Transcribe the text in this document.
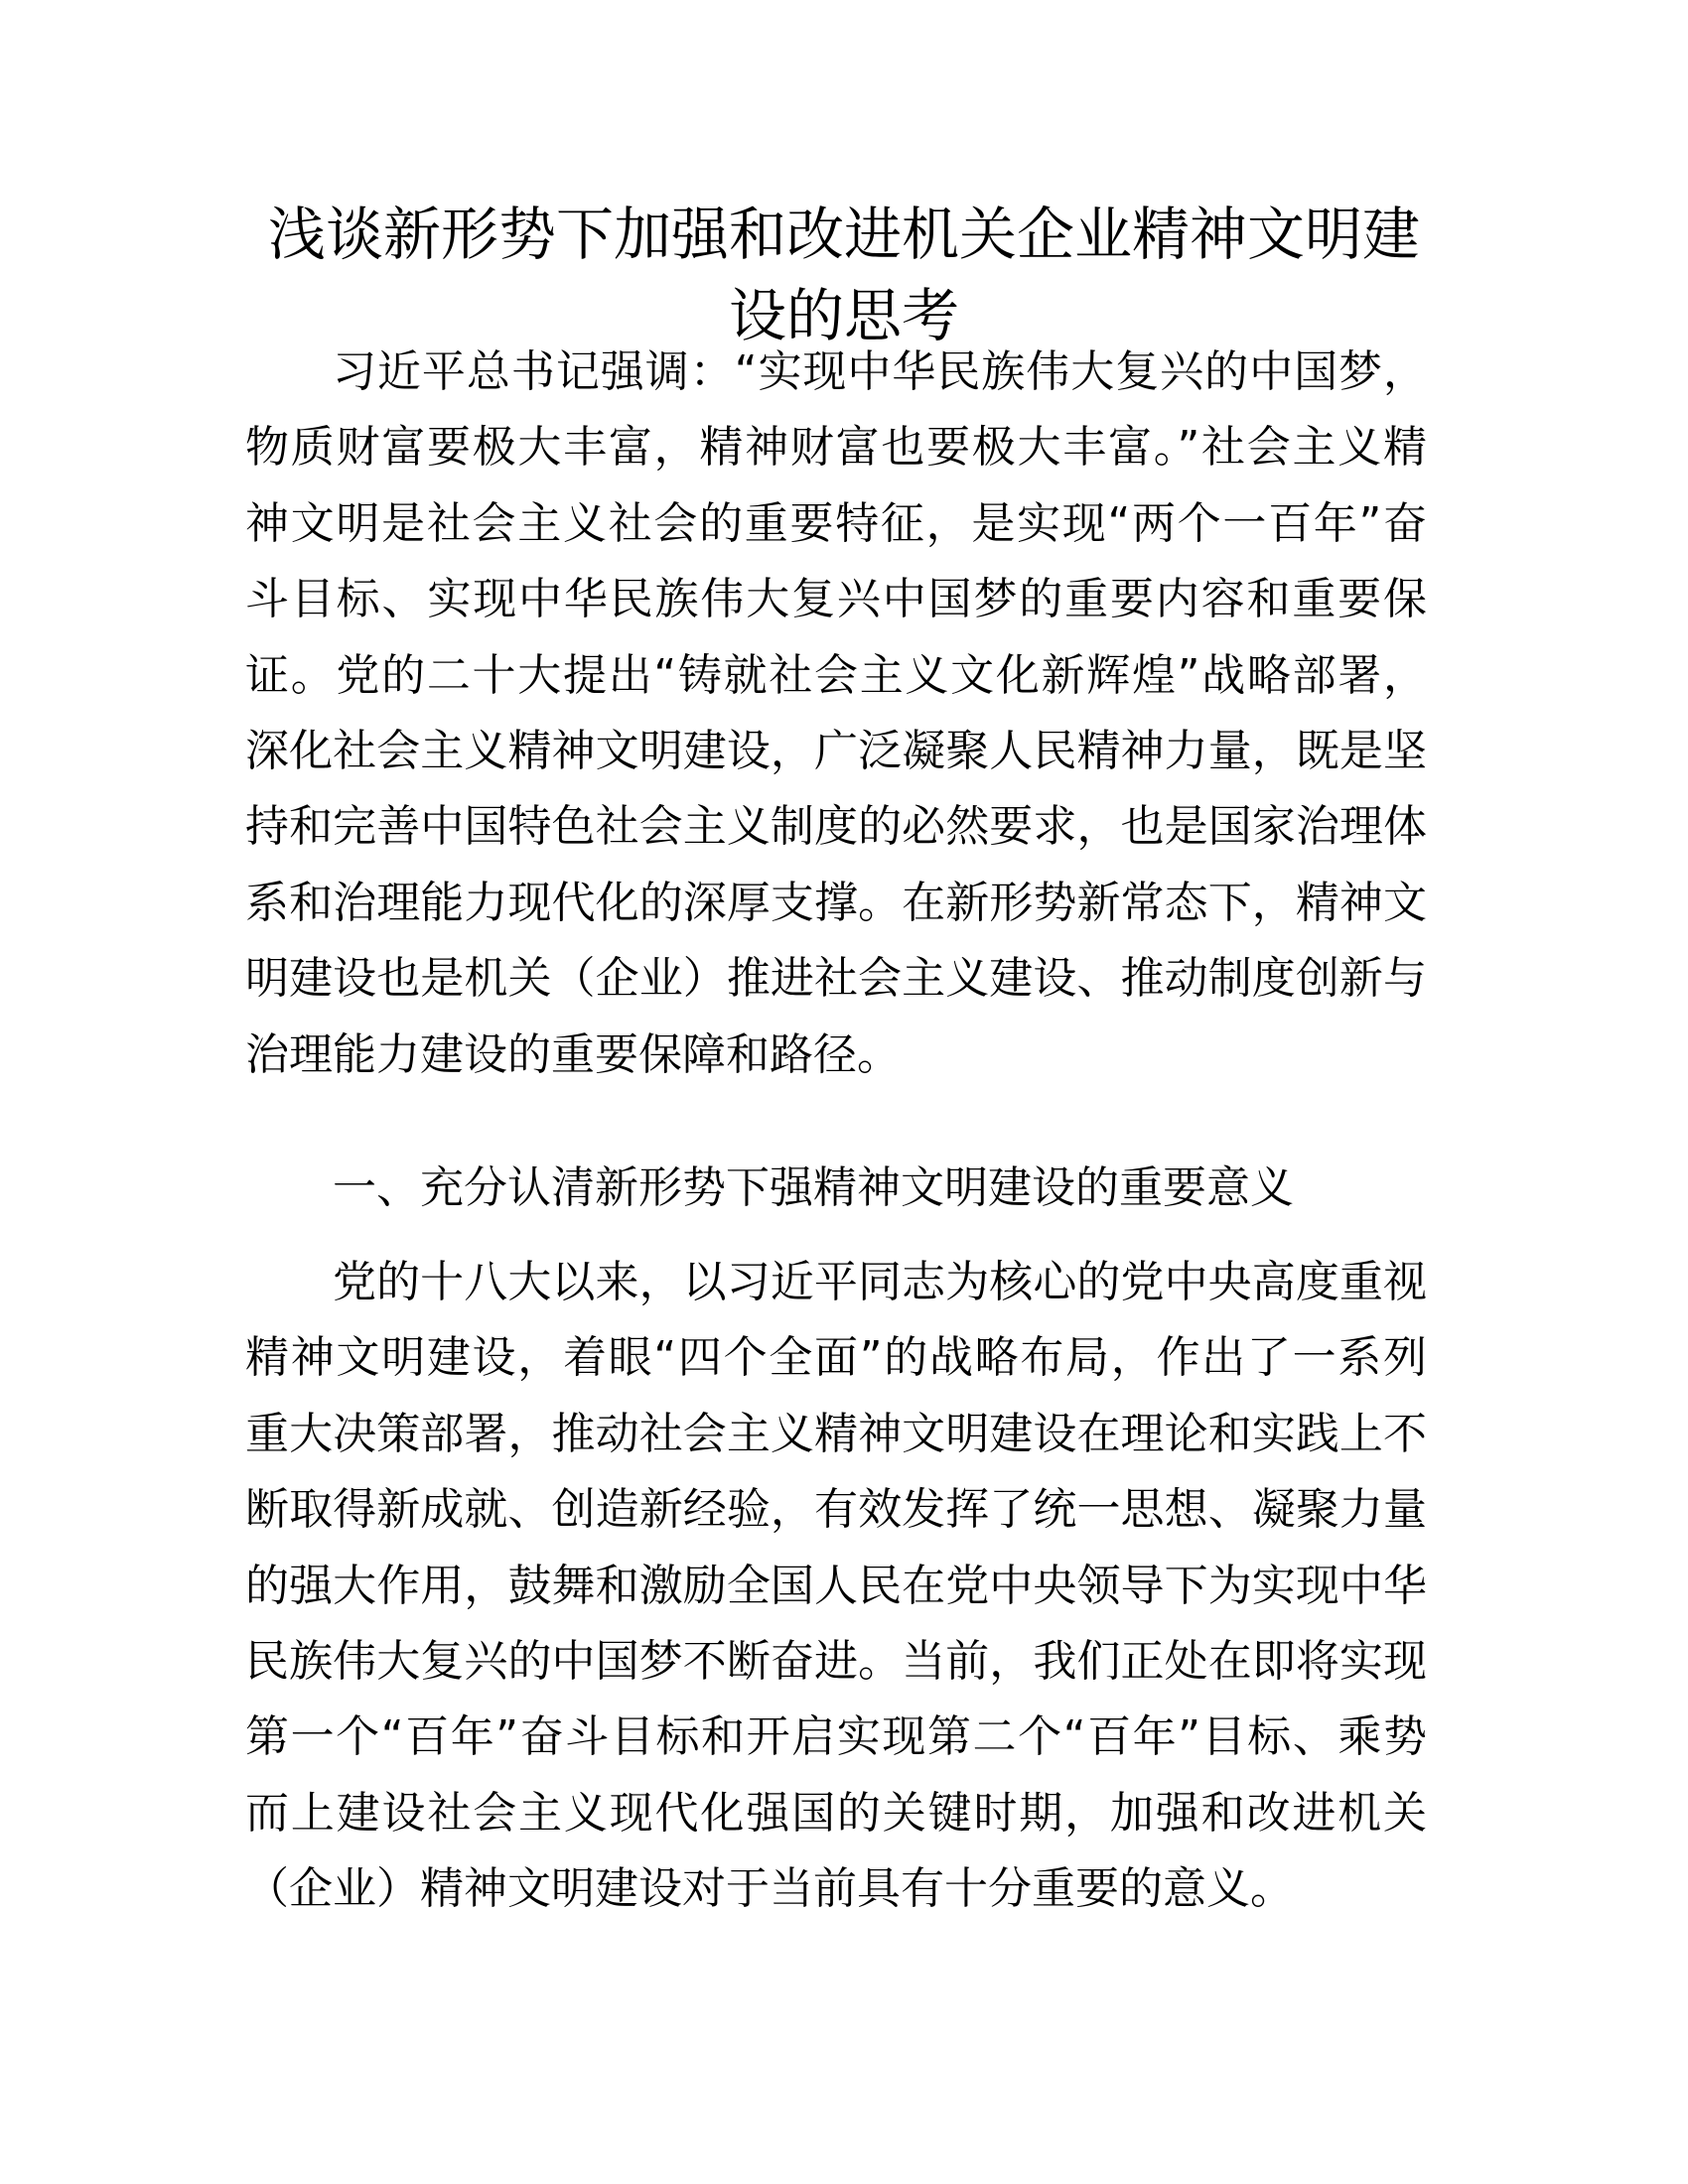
浅谈新形势下加强和改进机关企业精神文明建
设的思考
习近平总书记强调：“实现中华民族伟大复兴的中国梦，
物质财富要极大丰富，精神财富也要极大丰富。”社会主义精
神文明是社会主义社会的重要特征，是实现“两个一百年”奋
斗目标、实现中华民族伟大复兴中国梦的重要内容和重要保
证。党的二十大提出“铸就社会主义文化新辉煌”战略部署，
深化社会主义精神文明建设，广泛凝聚人民精神力量，既是坚
持和完善中国特色社会主义制度的必然要求，也是国家治理体
系和治理能力现代化的深厚支撑。在新形势新常态下，精神文
明建设也是机关（企业）推进社会主义建设、推动制度创新与
治理能力建设的重要保障和路径。
一、充分认清新形势下强精神文明建设的重要意义
党的十八大以来，以习近平同志为核心的党中央高度重视
精神文明建设，着眼“四个全面”的战略布局，作出了一系列
重大决策部署，推动社会主义精神文明建设在理论和实践上不
断取得新成就、创造新经验，有效发挥了统一思想、凝聚力量
的强大作用，鼓舞和激励全国人民在党中央领导下为实现中华
民族伟大复兴的中国梦不断奋进。当前，我们正处在即将实现
第一个“百年”奋斗目标和开启实现第二个“百年”目标、乘势
而上建设社会主义现代化强国的关键时期，加强和改进机关
（企业）精神文明建设对于当前具有十分重要的意义。
